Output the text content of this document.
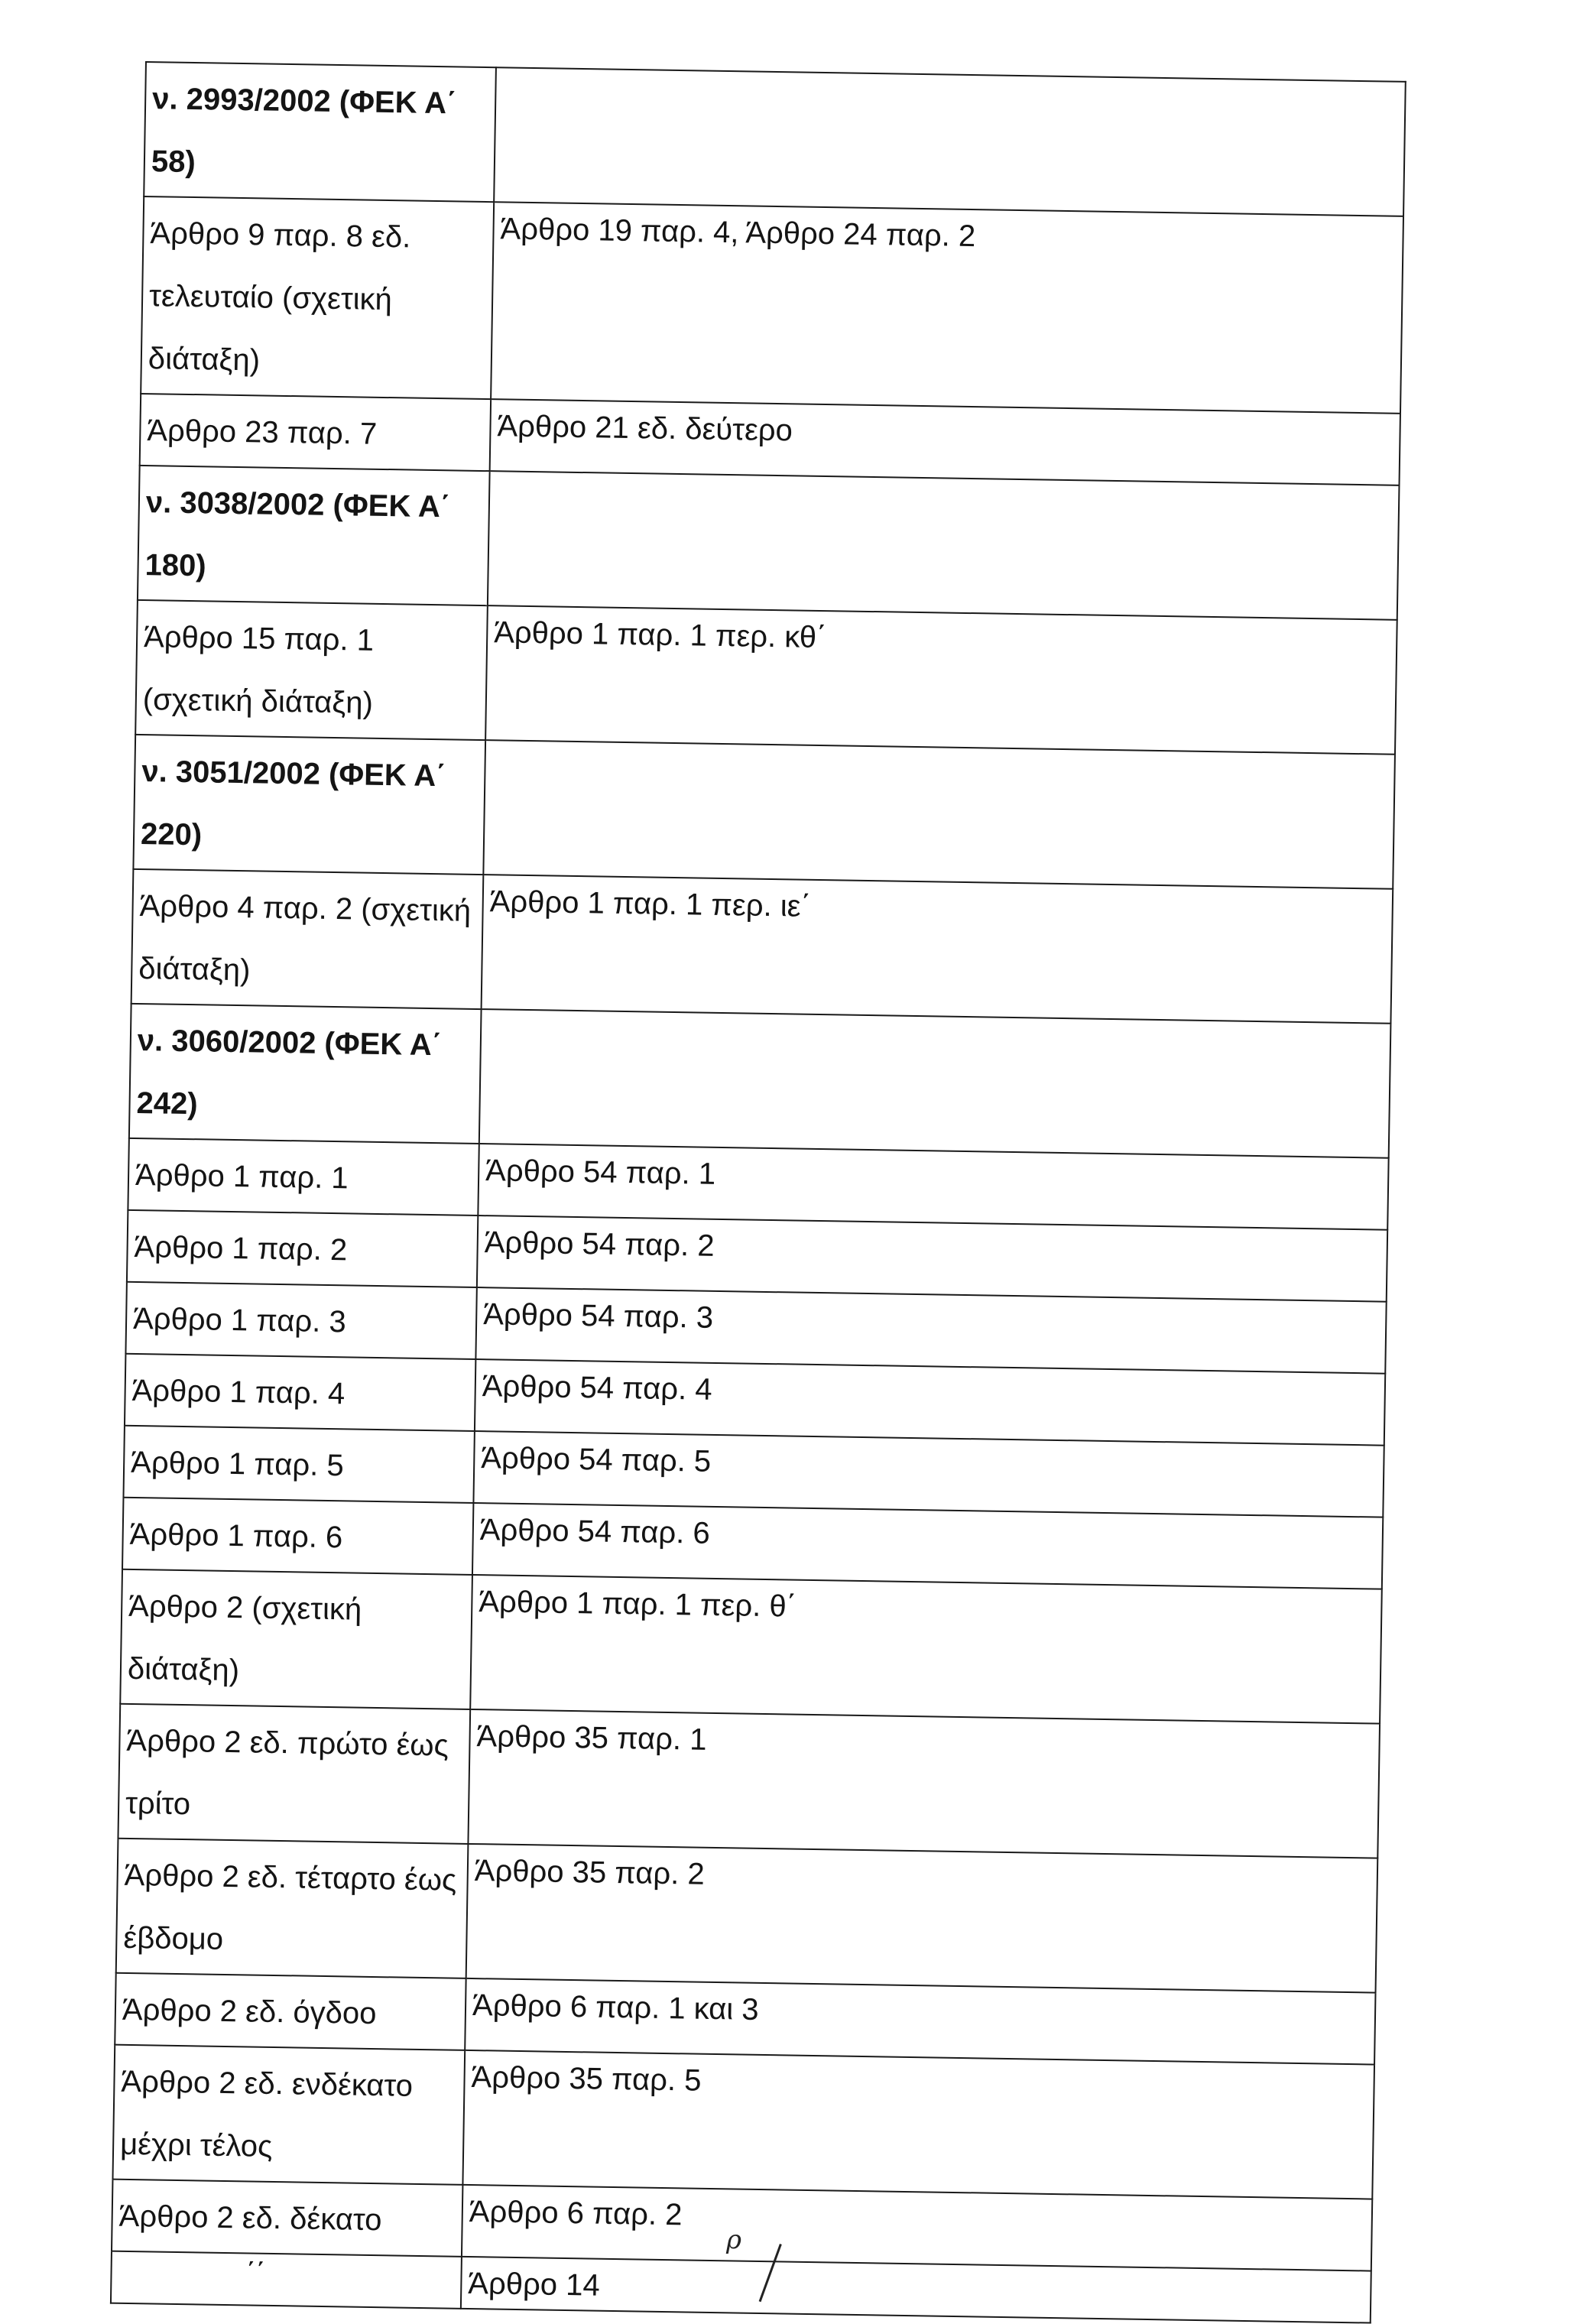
ν. 2993/2002 (ΦΕΚ Α΄ 58)	

Άρθρο 9 παρ. 8 εδ. τελευταίο (σχετική διάταξη)	Άρθρο 19 παρ. 4, Άρθρο 24 παρ. 2

Άρθρο 23 παρ. 7	Άρθρο 21 εδ. δεύτερο

ν. 3038/2002 (ΦΕΚ Α΄ 180)	

Άρθρο 15 παρ. 1 (σχετική διάταξη)	Άρθρο 1 παρ. 1 περ. κθ΄

ν. 3051/2002 (ΦΕΚ Α΄ 220)	

Άρθρο 4 παρ. 2 (σχετική διάταξη)	Άρθρο 1 παρ. 1 περ. ιε΄

ν. 3060/2002 (ΦΕΚ Α΄ 242)	

Άρθρο 1 παρ. 1	Άρθρο 54 παρ. 1

Άρθρο 1 παρ. 2	Άρθρο 54 παρ. 2

Άρθρο 1 παρ. 3	Άρθρο 54 παρ. 3

Άρθρο 1 παρ. 4	Άρθρο 54 παρ. 4

Άρθρο 1 παρ. 5	Άρθρο 54 παρ. 5

Άρθρο 1 παρ. 6	Άρθρο 54 παρ. 6

Άρθρο 2 (σχετική διάταξη)	Άρθρο 1 παρ. 1 περ. θ΄

Άρθρο 2 εδ. πρώτο έως τρίτο	Άρθρο 35 παρ. 1

Άρθρο 2 εδ. τέταρτο έως έβδομο	Άρθρο 35 παρ. 2

Άρθρο 2 εδ. όγδοο	Άρθρο 6 παρ. 1 και 3

Άρθρο 2 εδ. ενδέκατο μέχρι τέλος	Άρθρο 35 παρ. 5

Άρθρο 2 εδ. δέκατο	Άρθρο 6 παρ. 2

΄΄	Άρθρο 14
ρ
